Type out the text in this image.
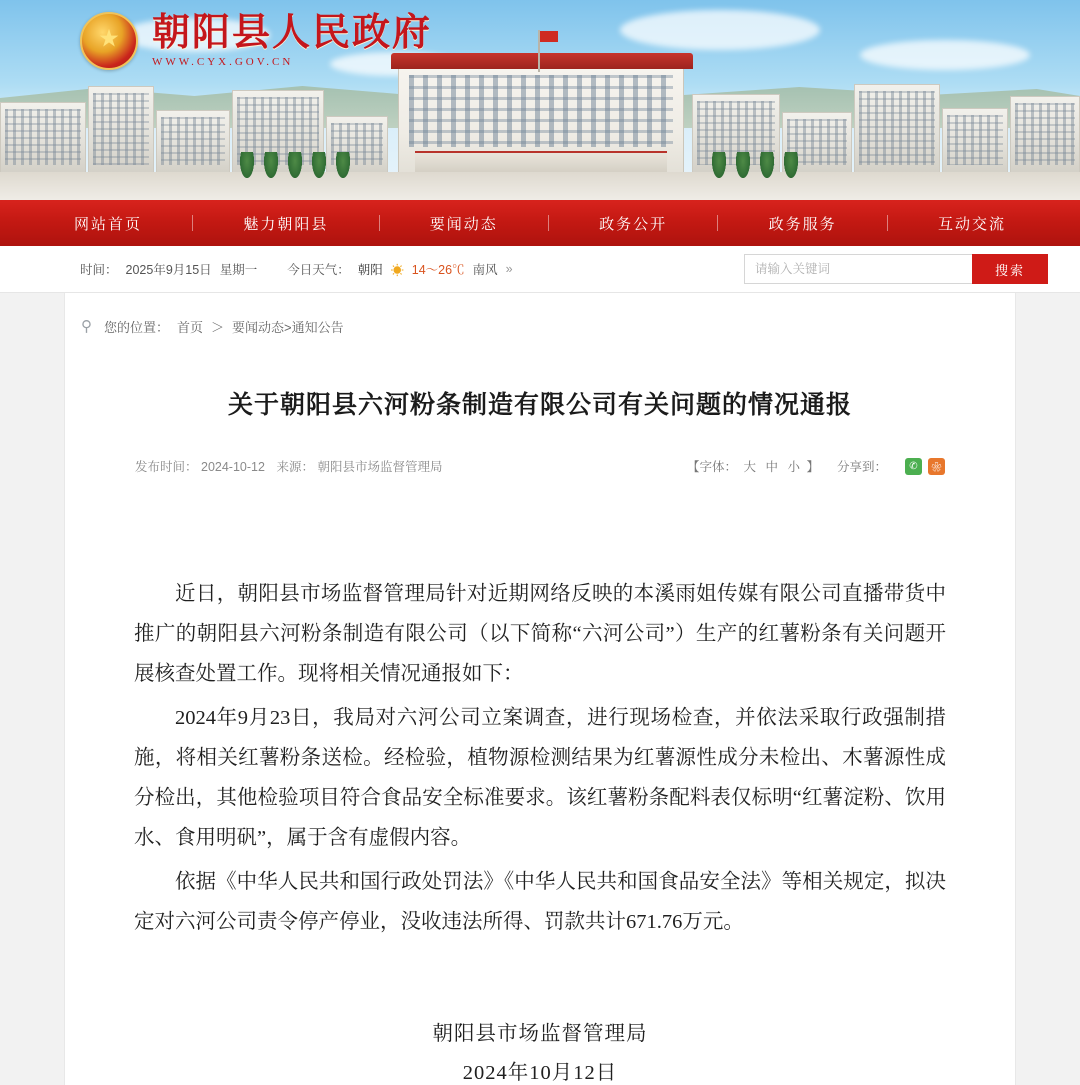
★ 朝阳县人民政府
WWW.CYX.GOV.CN
网站首页	魅力朝阳县	要闻动态	政务公开	政务服务	互动交流
时间： 2025年9月15日 星期一 今日天气： 朝阳 ☀ 14～26℃ 南风 »
请输入关键词	搜索
⚲ 您的位置： 首页 ＞ 要闻动态>通知公告
关于朝阳县六河粉条制造有限公司有关问题的情况通报
发布时间： 2024-10-12 来源： 朝阳县市场监督管理局	【字体： 大 中 小 】 分享到：	✆	❀

近日，朝阳县市场监督管理局针对近期网络反映的本溪雨姐传媒有限公司直播带货中推广的朝阳县六河粉条制造有限公司（以下简称“六河公司”）生产的红薯粉条有关问题开展核查处置工作。现将相关情况通报如下：

2024年9月23日，我局对六河公司立案调查，进行现场检查，并依法采取行政强制措施，将相关红薯粉条送检。经检验，植物源检测结果为红薯源性成分未检出、木薯源性成分检出，其他检验项目符合食品安全标准要求。该红薯粉条配料表仅标明“红薯淀粉、饮用水、食用明矾”，属于含有虚假内容。

依据《中华人民共和国行政处罚法》《中华人民共和国食品安全法》等相关规定，拟决定对六河公司责令停产停业，没收违法所得、罚款共计671.76万元。

朝阳县市场监督管理局
2024年10月12日
